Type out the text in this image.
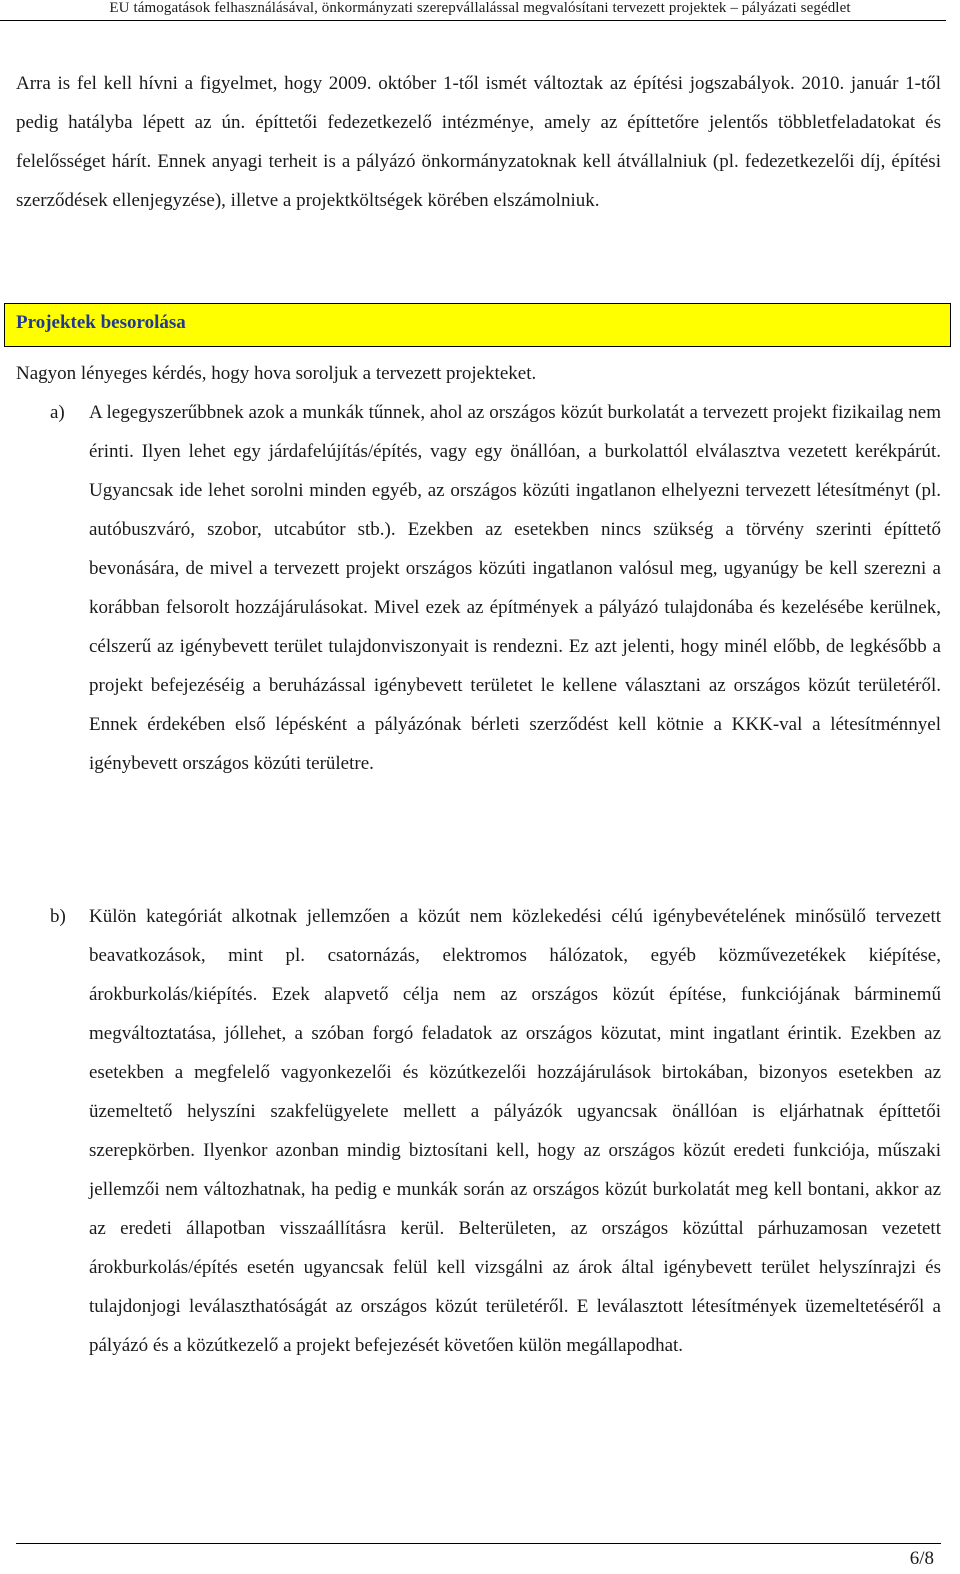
EU támogatások felhasználásával, önkormányzati szerepvállalással megvalósítani tervezett projektek – pályázati segédlet

Arra is fel kell hívni a figyelmet, hogy 2009. október 1-től ismét változtak az építési jogszabályok. 2010. január 1-től pedig hatályba lépett az ún. építtetői fedezetkezelő intézménye, amely az építtetőre jelentős többletfeladatokat és felelősséget hárít. Ennek anyagi terheit is a pályázó önkormányzatoknak kell átvállalniuk (pl. fedezetkezelői díj, építési szerződések ellenjegyzése), illetve a projektköltségek körében elszámolniuk.

Projektek besorolása

Nagyon lényeges kérdés, hogy hova soroljuk a tervezett projekteket.

a) A legegyszerűbbnek azok a munkák tűnnek, ahol az országos közút burkolatát a tervezett projekt fizikailag nem érinti. Ilyen lehet egy járdafelújítás/építés, vagy egy önállóan, a burkolattól elválasztva vezetett kerékpárút. Ugyancsak ide lehet sorolni minden egyéb, az országos közúti ingatlanon elhelyezni tervezett létesítményt (pl. autóbuszváró, szobor, utcabútor stb.). Ezekben az esetekben nincs szükség a törvény szerinti építtető bevonására, de mivel a tervezett projekt országos közúti ingatlanon valósul meg, ugyanúgy be kell szerezni a korábban felsorolt hozzájárulásokat. Mivel ezek az építmények a pályázó tulajdonába és kezelésébe kerülnek, célszerű az igénybevett terület tulajdonviszonyait is rendezni. Ez azt jelenti, hogy minél előbb, de legkésőbb a projekt befejezéséig a beruházással igénybevett területet le kellene választani az országos közút területéről. Ennek érdekében első lépésként a pályázónak bérleti szerződést kell kötnie a KKK-val a létesítménnyel igénybevett országos közúti területre.

b) Külön kategóriát alkotnak jellemzően a közút nem közlekedési célú igénybevételének minősülő tervezett beavatkozások, mint pl. csatornázás, elektromos hálózatok, egyéb közművezetékek kiépítése, árokburkolás/kiépítés. Ezek alapvető célja nem az országos közút építése, funkciójának bárminemű megváltoztatása, jóllehet, a szóban forgó feladatok az országos közutat, mint ingatlant érintik. Ezekben az esetekben a megfelelő vagyonkezelői és közútkezelői hozzájárulások birtokában, bizonyos esetekben az üzemeltető helyszíni szakfelügyelete mellett a pályázók ugyancsak önállóan is eljárhatnak építtetői szerepkörben. Ilyenkor azonban mindig biztosítani kell, hogy az országos közút eredeti funkciója, műszaki jellemzői nem változhatnak, ha pedig e munkák során az országos közút burkolatát meg kell bontani, akkor az az eredeti állapotban visszaállításra kerül. Belterületen, az országos közúttal párhuzamosan vezetett árokburkolás/építés esetén ugyancsak felül kell vizsgálni az árok által igénybevett terület helyszínrajzi és tulajdonjogi leválaszthatóságát az országos közút területéről. E leválasztott létesítmények üzemeltetéséről a pályázó és a közútkezelő a projekt befejezését követően külön megállapodhat.

6/8
